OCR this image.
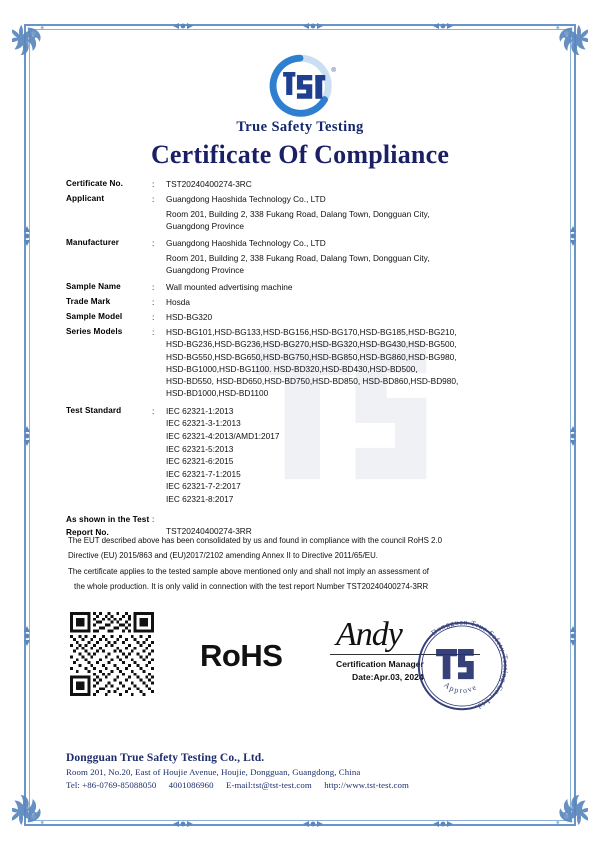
®
True Safety Testing
Certificate Of Compliance
Certificate No.	:	TST20240400274-3RC
Applicant	:	Guangdong Haoshida Technology Co., LTD
Room 201, Building 2, 338 Fukang Road, Dalang Town, Dongguan City,
Guangdong Province
Manufacturer	:	Guangdong Haoshida Technology Co., LTD
Room 201, Building 2, 338 Fukang Road, Dalang Town, Dongguan City,
Guangdong Province
Sample Name	:	Wall mounted advertising machine
Trade Mark	:	Hosda
Sample Model	:	HSD-BG320
Series Models	:	HSD-BG101,HSD-BG133,HSD-BG156,HSD-BG170,HSD-BG185,HSD-BG210,
HSD-BG236,HSD-BG236,HSD-BG270,HSD-BG320,HSD-BG430,HSD-BG500,
HSD-BG550,HSD-BG650,HSD-BG750,HSD-BG850,HSD-BG860,HSD-BG980,
HSD-BG1000,HSD-BG1100. HSD-BD320,HSD-BD430,HSD-BD500,
HSD-BD550, HSD-BD650,HSD-BD750,HSD-BD850, HSD-BD860,HSD-BD980,
HSD-BD1000,HSD-BD1100
Test Standard	:	IEC 62321-1:2013
IEC 62321-3-1:2013
IEC 62321-4:2013/AMD1:2017
IEC 62321-5:2013
IEC 62321-6:2015
IEC 62321-7-1:2015
IEC 62321-7-2:2017
IEC 62321-8:2017
As shown in the Test Report No.
:
TST20240400274-3RR

The EUT described above has been consolidated by us and found in compliance with the council RoHS 2.0

Directive (EU) 2015/863 and (EU)2017/2102 amending Annex II to Directive 2011/65/EU.

The certificate applies to the tested sample above mentioned only and shall not imply an assessment of

the whole production. It is only valid in connection with the test report Number TST20240400274-3RR

RoHS
Andy
Certification Manager
Date:Apr.03, 2024
Dongguan True Safety Testing Co., Ltd.
Approve
Dongguan True Safety Testing Co., Ltd.
Room 201, No.20, East of Houjie Avenue, Houjie, Dongguan, Guangdong, China
Tel: +86-0769-85088050 4001086960 E-mail:tst@tst-test.com http://www.tst-test.com
